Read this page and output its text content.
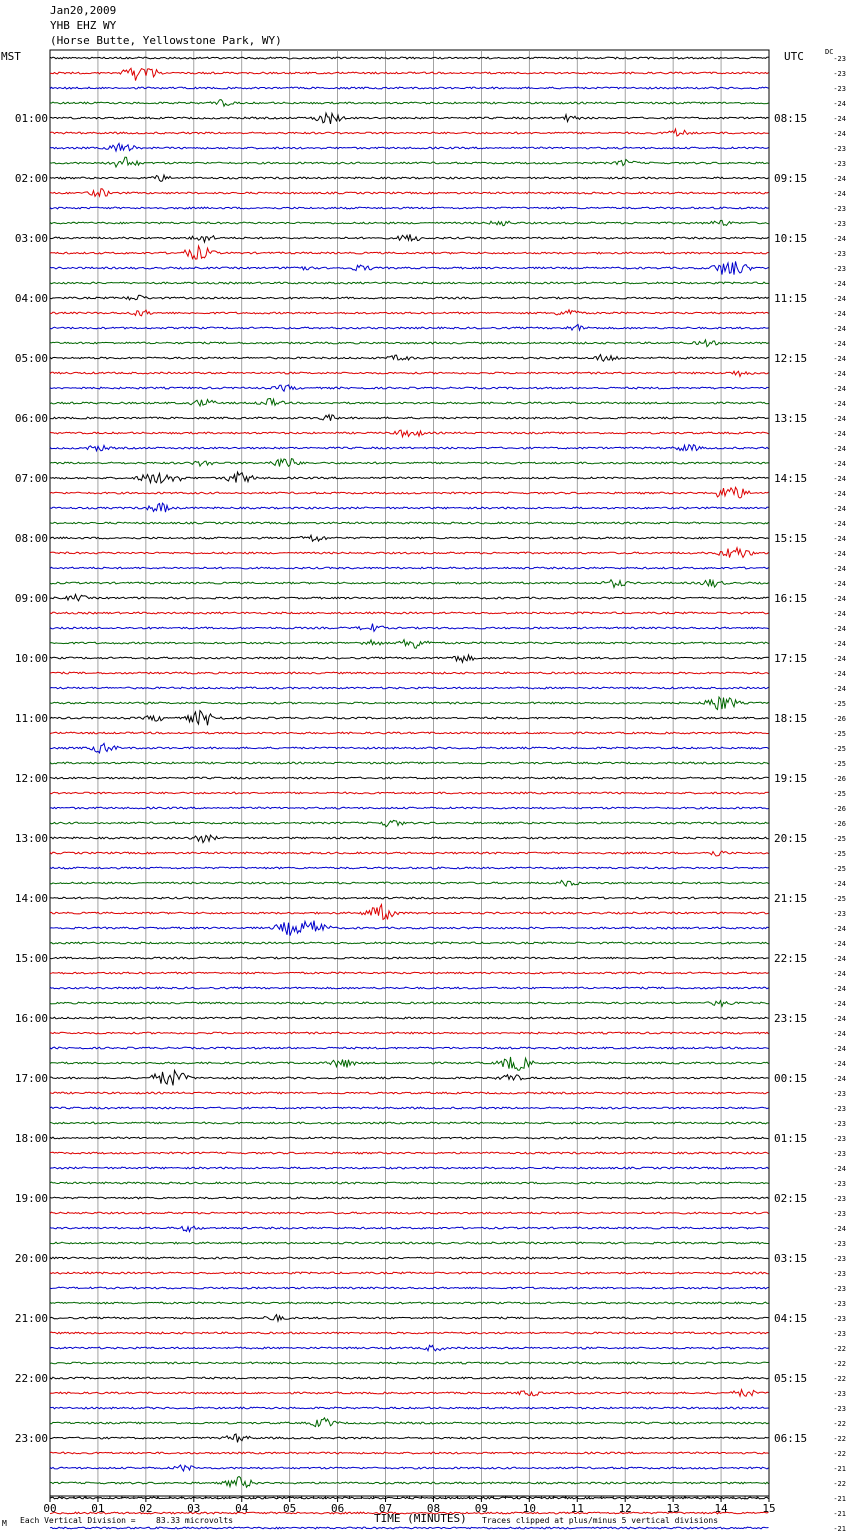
00	01	02	03	04	05	06	07	08	09	10	11	12	13	14	15
-23
-23
-23
-24
-24
-24
-23
-23
-24
-24
-23
-23
-24
-23
-23
-24
-24
-24
-24
-24
-24
-24
-24
-24
-24
-24
-24
-24
-24
-24
-24
-24
-24
-24
-24
-24
-24
-24
-24
-24
-24
-24
-24
-25
-26
-25
-25
-25
-26
-25
-26
-26
-25
-25
-25
-24
-25
-23
-24
-24
-24
-24
-24
-24
-24
-24
-24
-24
-24
-23
-23
-23
-23
-23
-24
-23
-23
-23
-24
-23
-23
-23
-23
-23
-23
-23
-22
-22
-22
-23
-23
-22
-22
-22
-21
-22
-21
-21
-21
01:00	08:15
02:00	09:15
03:00	10:15
04:00	11:15
05:00	12:15
06:00	13:15
07:00	14:15
08:00	15:15
09:00	16:15
10:00	17:15
11:00	18:15
12:00	19:15
13:00	20:15
14:00	21:15
15:00	22:15
16:00	23:15
17:00	00:15
18:00	01:15
19:00	02:15
20:00	03:15
21:00	04:15
22:00	05:15
23:00	06:15
Jan20,2009
YHB EHZ WY
(Horse Butte, Yellowstone Park, WY)
MST	UTC	DC
M Each Vertical Division =	83.33 microvolts	TIME (MINUTES) Traces clipped at plus/minus 5 vertical divisions
